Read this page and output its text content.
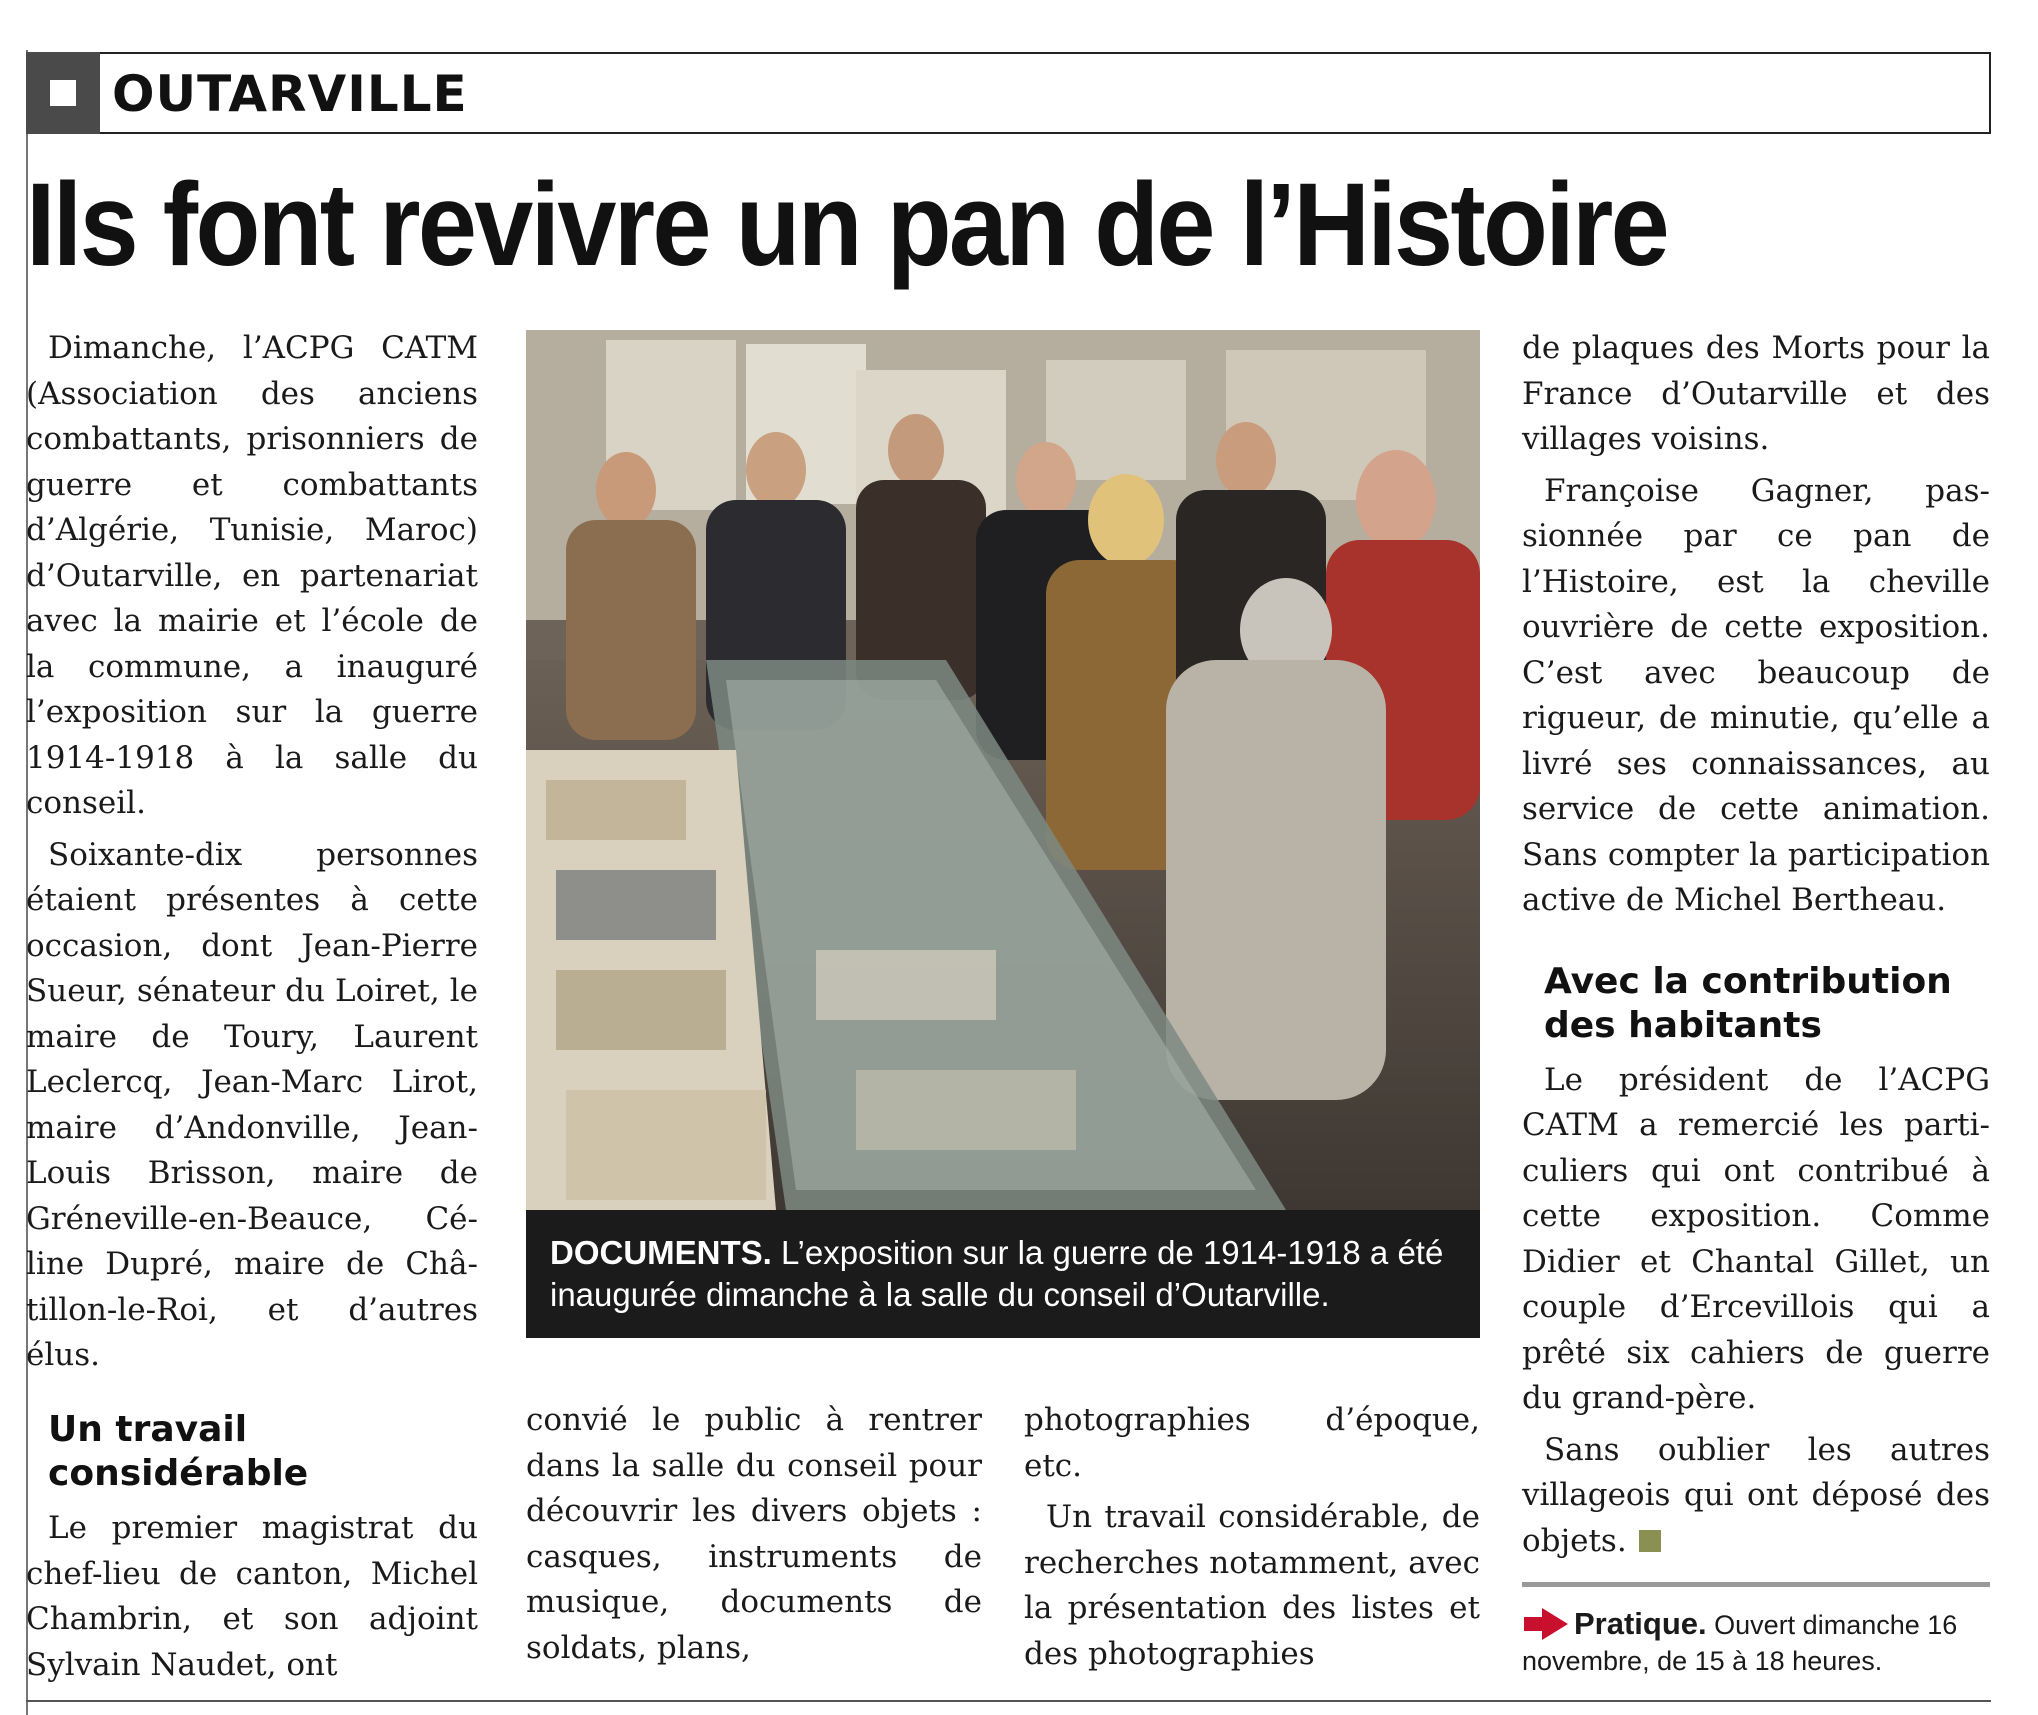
OUTARVILLE
Ils font revivre un pan de l’Histoire

Dimanche, l’ACPG CATM (Association des anciens combattants, prisonniers de guerre et combattants d’Algérie, Tunisie, Maroc) d’Outarville, en partenariat avec la mairie et l’école de la commune, a inauguré l’exposition sur la guerre 1914-1918 à la salle du conseil.

Soixante-dix personnes étaient présentes à cette occasion, dont Jean-Pierre Sueur, sénateur du Loiret, le maire de Toury, Laurent Leclercq, Jean-Marc Lirot, maire d’Andonville, Jean-Louis Brisson, maire de Gréneville-en-Beauce, Céline Dupré, maire de Châtillon-le-Roi, et d’autres élus.

Un travail considérable

Le premier magistrat du chef-lieu de canton, Michel Chambrin, et son adjoint Sylvain Naudet, ont

DOCUMENTS. L’exposition sur la guerre de 1914-1918 a été inaugurée dimanche à la salle du conseil d’Outarville.

convié le public à rentrer dans la salle du conseil pour découvrir les divers objets : casques, instruments de musique, documents de soldats, plans,

photographies d’époque, etc.

Un travail considérable, de recherches notamment, avec la présentation des listes et des photographies

de plaques des Morts pour la France d’Outarville et des villages voisins.

Françoise Gagner, passionnée par ce pan de l’Histoire, est la cheville ouvrière de cette exposition. C’est avec beaucoup de rigueur, de minutie, qu’elle a livré ses connaissances, au service de cette animation. Sans compter la participation active de Michel Bertheau.

Avec la contribution des habitants

Le président de l’ACPG CATM a remercié les particuliers qui ont contribué à cette exposition. Comme Didier et Chantal Gillet, un couple d’Ercevillois qui a prêté six cahiers de guerre du grand-père.

Sans oublier les autres villageois qui ont déposé des objets.

Pratique. Ouvert dimanche 16 novembre, de 15 à 18 heures.
